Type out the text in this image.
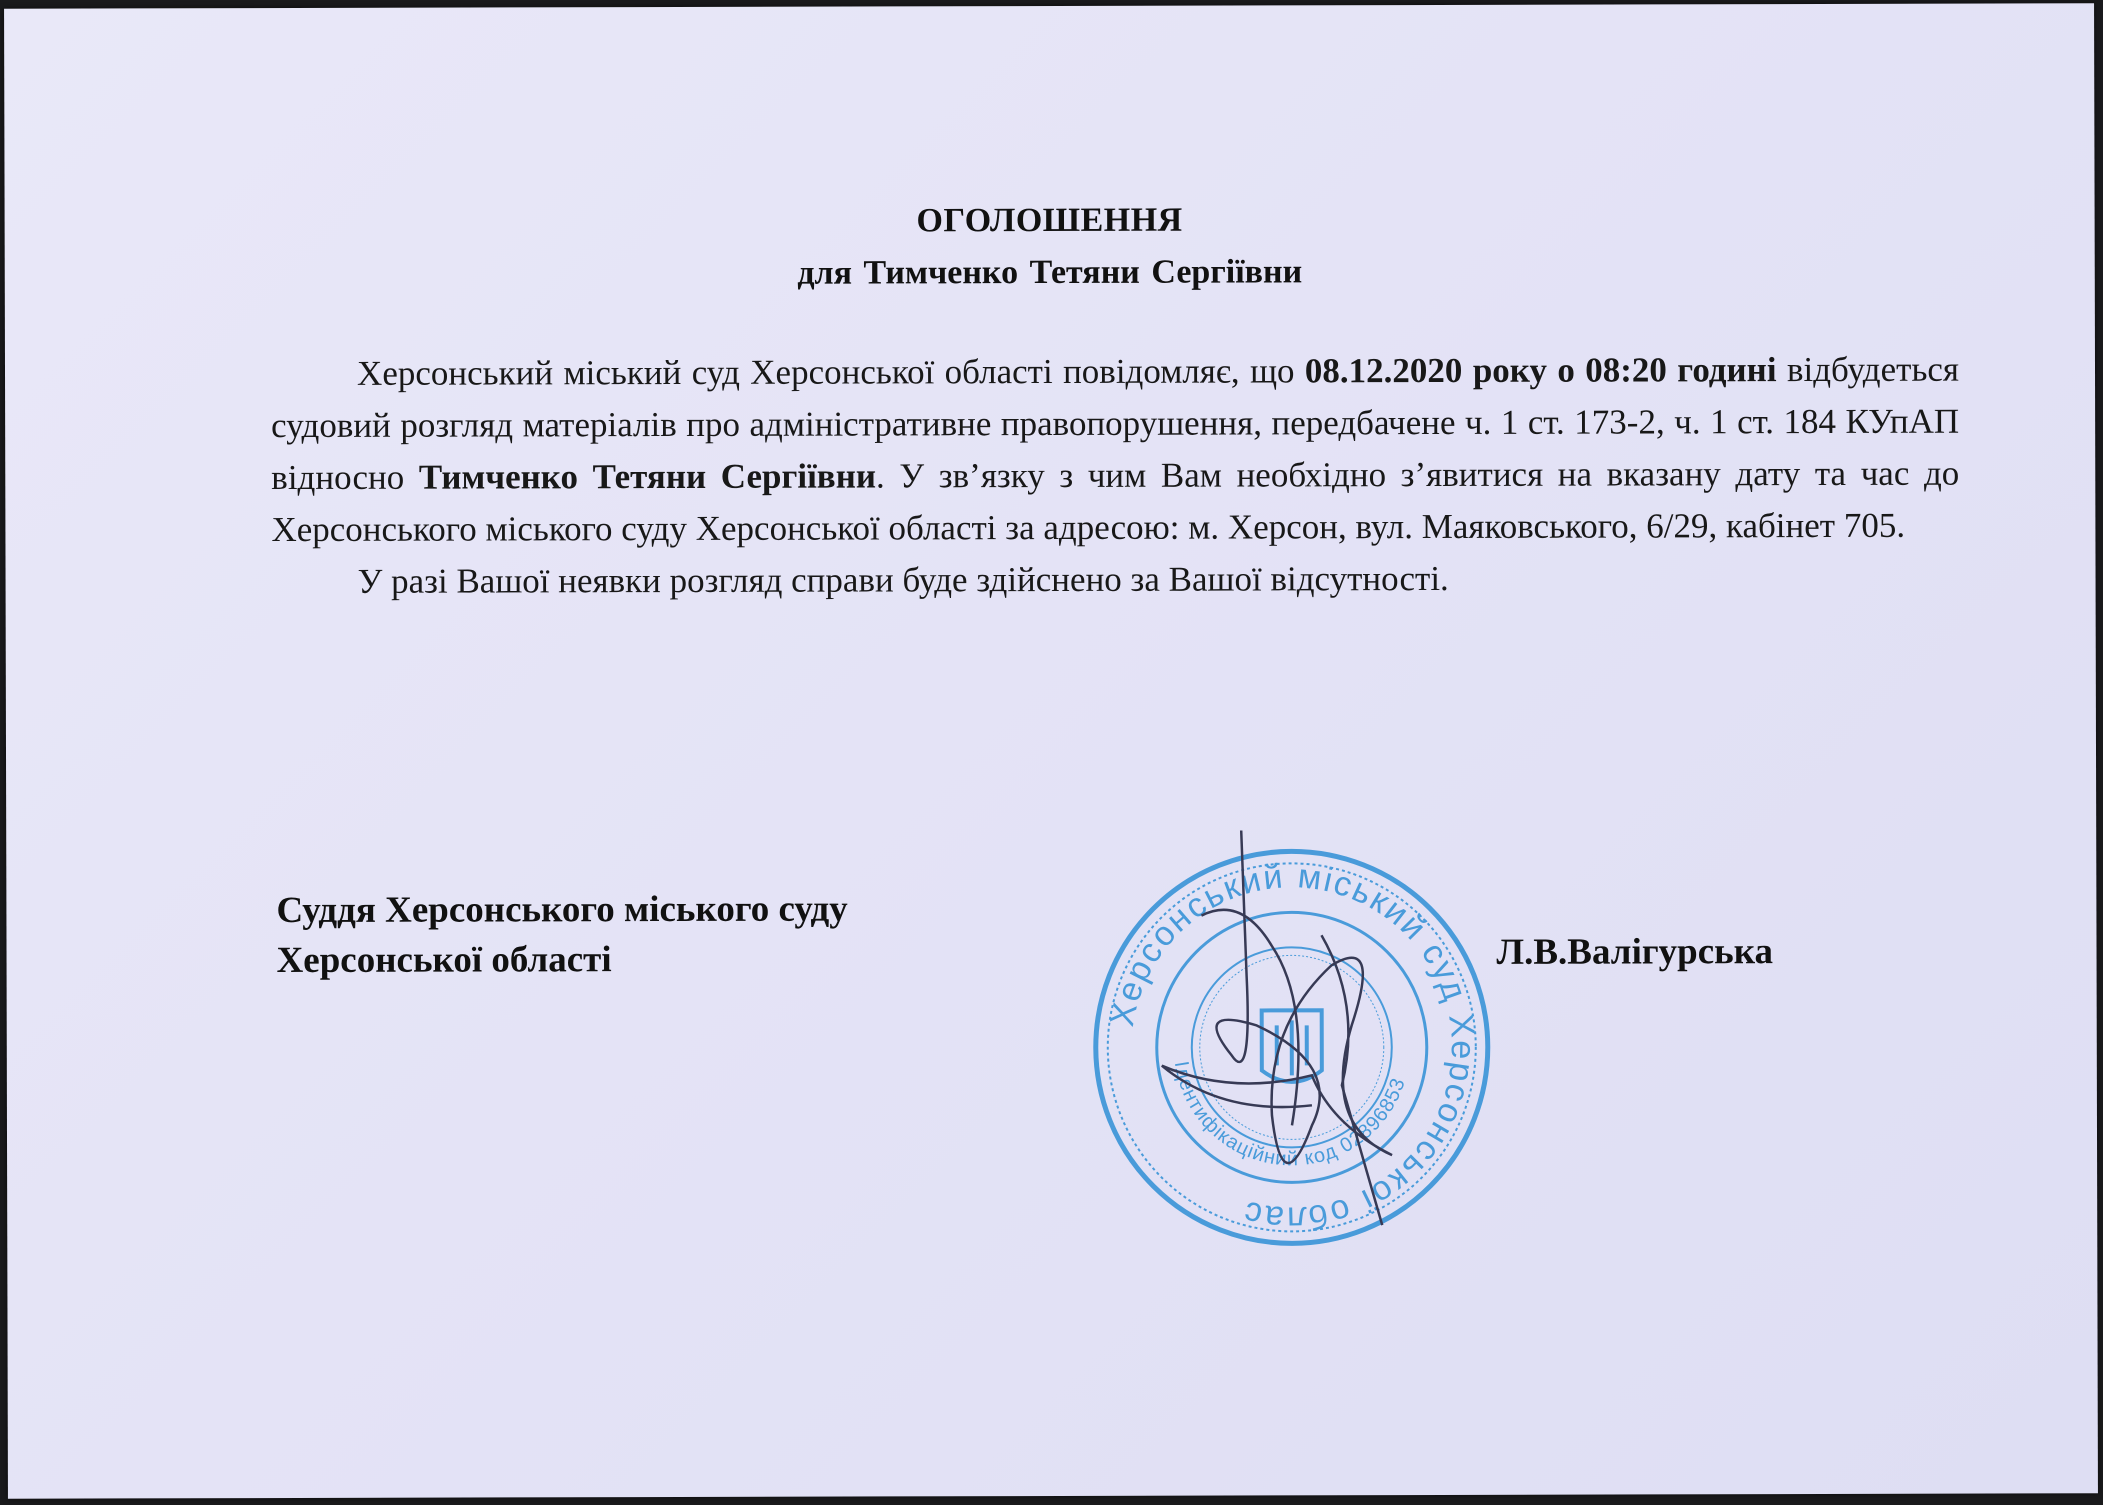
ОГОЛОШЕННЯ
для Тимченко Тетяни Сергіївни

Херсонський міський суд Херсонської області повідомляє, що 08.12.2020 року о 08:20 годині відбудеться судовий розгляд матеріалів про адміністративне правопорушення, передбачене ч. 1 ст. 173-2, ч. 1 ст. 184 КУпАП відносно Тимченко Тетяни Сергіївни. У зв’язку з чим Вам необхідно з’явитися на вказану дату та час до Херсонського міського суду Херсонської області за адресою: м. Херсон, вул. Маяковського, 6/29, кабінет 705.

У разі Вашої неявки розгляд справи буде здійснено за Вашої відсутності.

Суддя Херсонського міського суду
Херсонської області	Л.В.Валігурська
Херсонський міський суд Херсонської облас
Ідентифікаційний код 02896853
